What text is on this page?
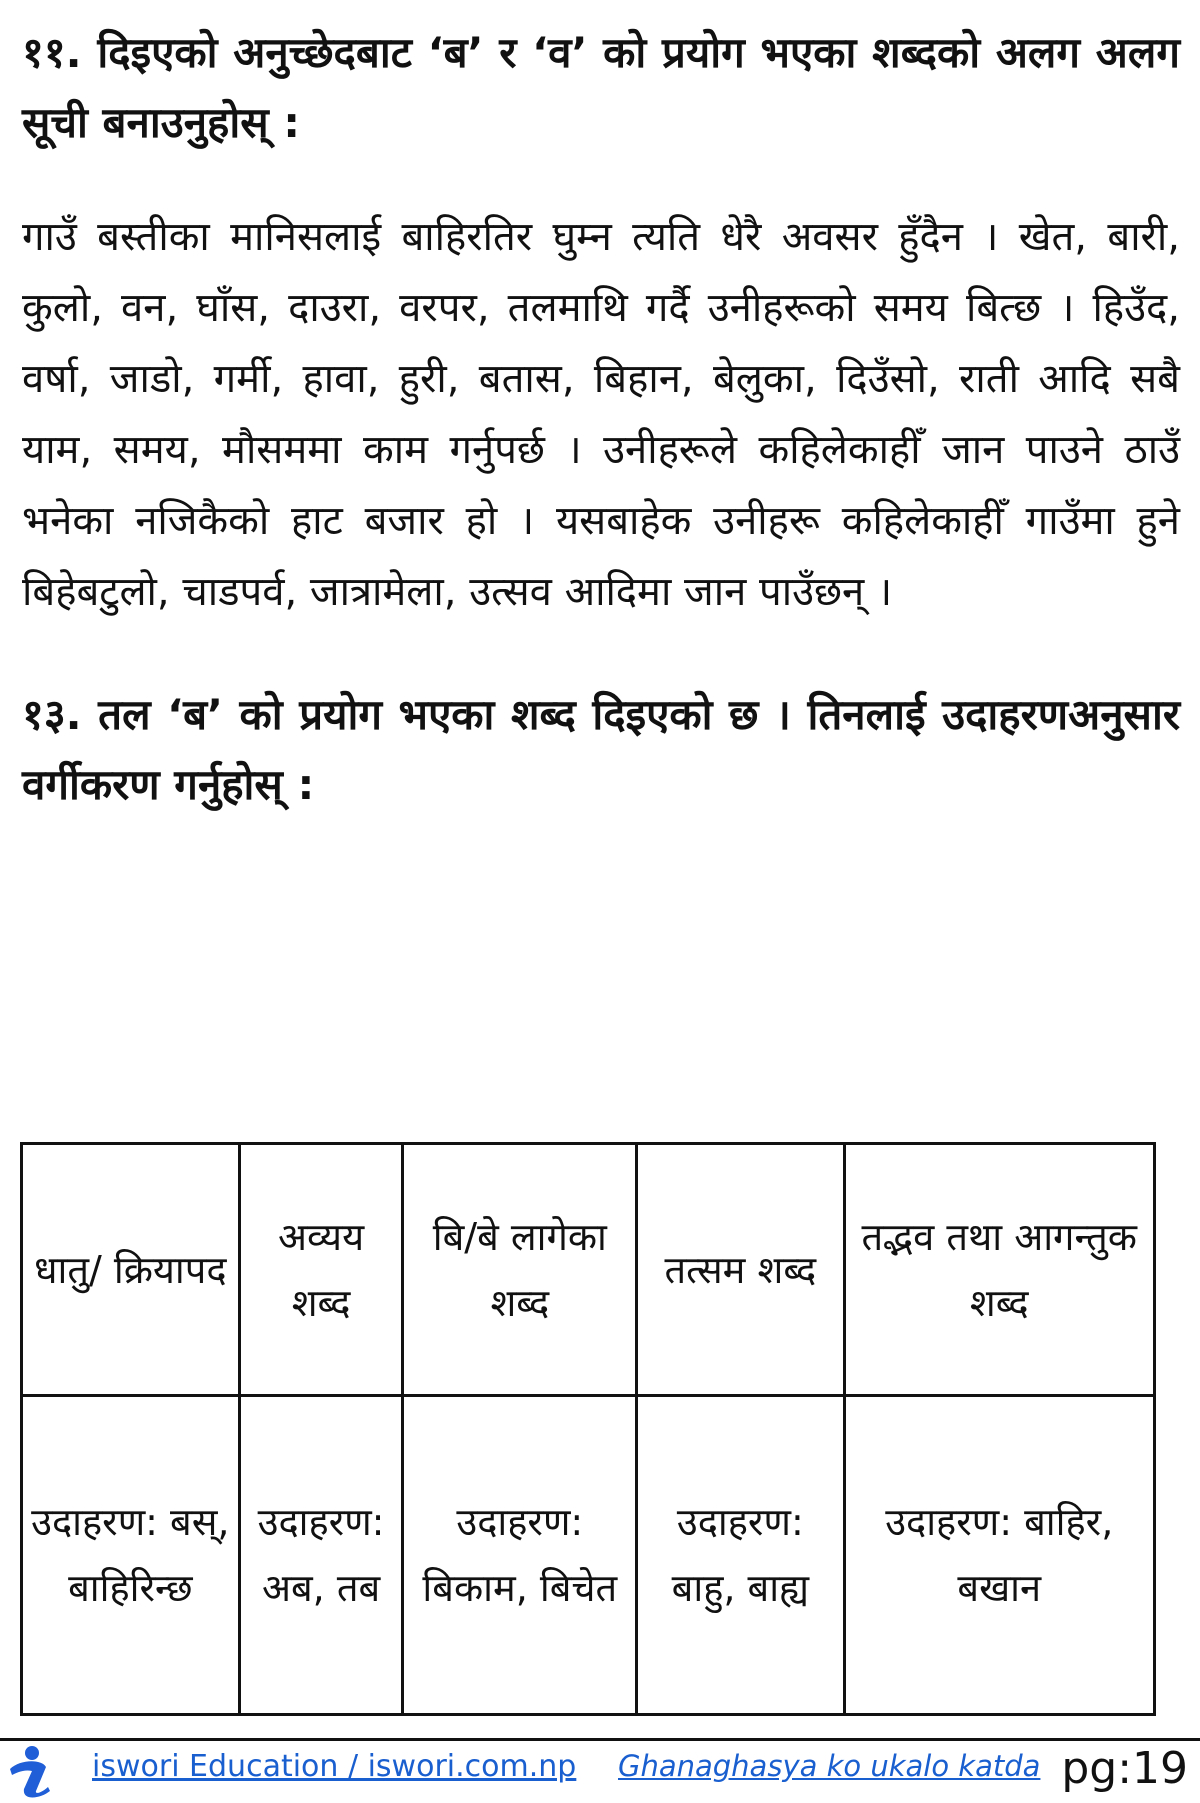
११. दिइएको अनुच्छेदबाट ‘ब’ र ‘व’ को प्रयोग भएका शब्दको अलग अलग सूची बनाउनुहोस् :

गाउँ बस्तीका मानिसलाई बाहिरतिर घुम्न त्यति धेरै अवसर हुँदैन । खेत, बारी, कुलो, वन, घाँस, दाउरा, वरपर, तलमाथि गर्दै उनीहरूको समय बित्छ । हिउँद, वर्षा, जाडो, गर्मी, हावा, हुरी, बतास, बिहान, बेलुका, दिउँसो, राती आदि सबै याम, समय, मौसममा काम गर्नुपर्छ । उनीहरूले कहिलेकाहीँ जान पाउने ठाउँ भनेका नजिकैको हाट बजार हो । यसबाहेक उनीहरू कहिलेकाहीँ गाउँमा हुने बिहेबटुलो, चाडपर्व, जात्रामेला, उत्सव आदिमा जान पाउँछन् ।

१३. तल ‘ब’ को प्रयोग भएका शब्द दिइएको छ । तिनलाई उदाहरणअनुसार वर्गीकरण गर्नुहोस् :

धातु/ क्रियापद	अव्यय शब्द	बि/बे लागेका शब्द	तत्सम शब्द	तद्भव तथा आगन्तुक शब्द
उदाहरण: बस्, बाहिरिन्छ	उदाहरण: अब, तब	उदाहरण: बिकाम, बिचेत	उदाहरण: बाहु, बाह्य	उदाहरण: बाहिर, बखान
iswori Education / iswori.com.np Ghanaghasya ko ukalo katda pg:19
